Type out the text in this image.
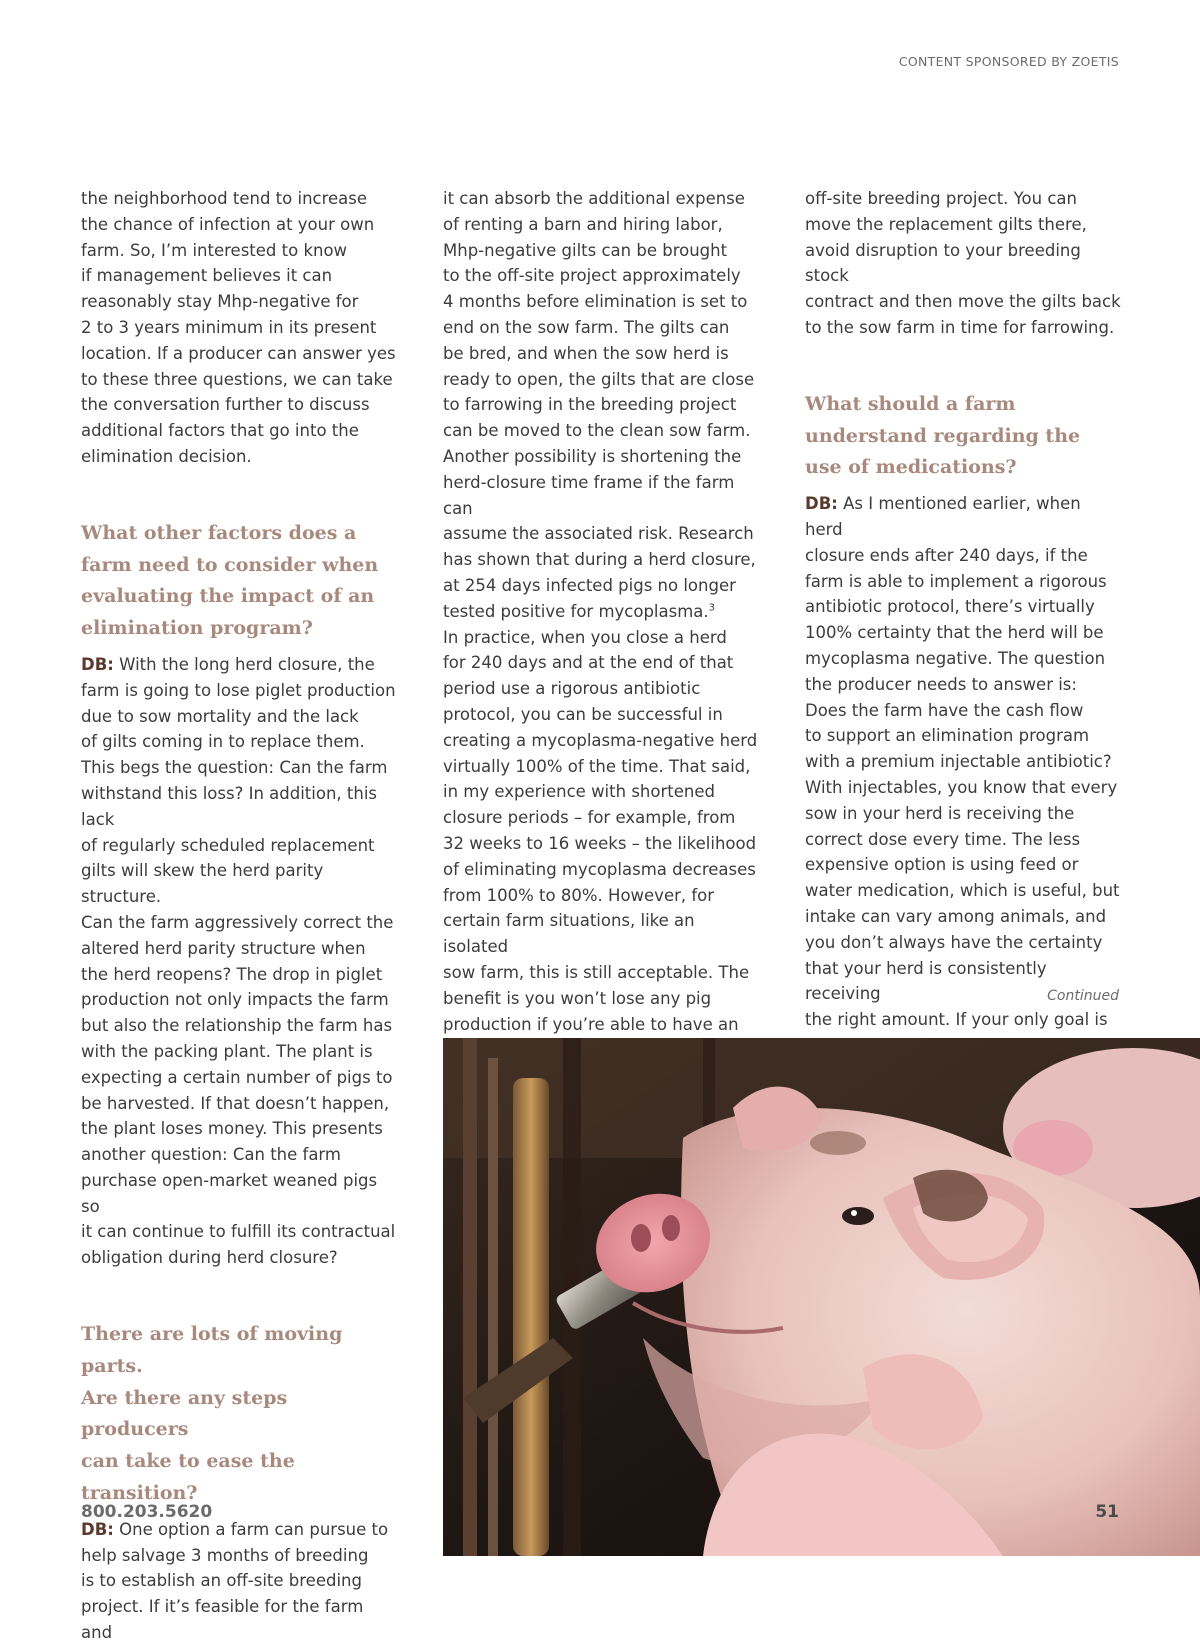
CONTENT SPONSORED BY ZOETIS

the neighborhood tend to increase
the chance of infection at your own
farm. So, I’m interested to know
if management believes it can
reasonably stay Mhp-negative for
2 to 3 years minimum in its present
location. If a producer can answer yes
to these three questions, we can take
the conversation further to discuss
additional factors that go into the
elimination decision.

What other factors does a
farm need to consider when
evaluating the impact of an
elimination program?

DB: With the long herd closure, the
farm is going to lose piglet production
due to sow mortality and the lack
of gilts coming in to replace them.
This begs the question: Can the farm
withstand this loss? In addition, this lack
of regularly scheduled replacement
gilts will skew the herd parity structure.
Can the farm aggressively correct the
altered herd parity structure when
the herd reopens? The drop in piglet
production not only impacts the farm
but also the relationship the farm has
with the packing plant. The plant is
expecting a certain number of pigs to
be harvested. If that doesn’t happen,
the plant loses money. This presents
another question: Can the farm
purchase open-market weaned pigs so
it can continue to fulfill its contractual
obligation during herd closure?

There are lots of moving parts.
Are there any steps producers
can take to ease the transition?

DB: One option a farm can pursue to
help salvage 3 months of breeding
is to establish an off-site breeding
project. If it’s feasible for the farm and

it can absorb the additional expense
of renting a barn and hiring labor,
Mhp-negative gilts can be brought
to the off-site project approximately
4 months before elimination is set to
end on the sow farm. The gilts can
be bred, and when the sow herd is
ready to open, the gilts that are close
to farrowing in the breeding project
can be moved to the clean sow farm.
Another possibility is shortening the
herd-closure time frame if the farm can
assume the associated risk. Research
has shown that during a herd closure,
at 254 days infected pigs no longer
tested positive for mycoplasma.$^3$
In practice, when you close a herd
for 240 days and at the end of that
period use a rigorous antibiotic
protocol, you can be successful in
creating a mycoplasma-negative herd
virtually 100% of the time. That said,
in my experience with shortened
closure periods – for example, from
32 weeks to 16 weeks – the likelihood
of eliminating mycoplasma decreases
from 100% to 80%. However, for
certain farm situations, like an isolated
sow farm, this is still acceptable. The
benefit is you won’t lose any pig
production if you’re able to have an

off-site breeding project. You can
move the replacement gilts there,
avoid disruption to your breeding stock
contract and then move the gilts back
to the sow farm in time for farrowing.

What should a farm
understand regarding the
use of medications?

DB: As I mentioned earlier, when herd
closure ends after 240 days, if the
farm is able to implement a rigorous
antibiotic protocol, there’s virtually
100% certainty that the herd will be
mycoplasma negative. The question
the producer needs to answer is:
Does the farm have the cash flow
to support an elimination program
with a premium injectable antibiotic?
With injectables, you know that every
sow in your herd is receiving the
correct dose every time. The less
expensive option is using feed or
water medication, which is useful, but
intake can vary among animals, and
you don’t always have the certainty
that your herd is consistently receiving
the right amount. If your only goal is

Continued
800.203.5620	51
